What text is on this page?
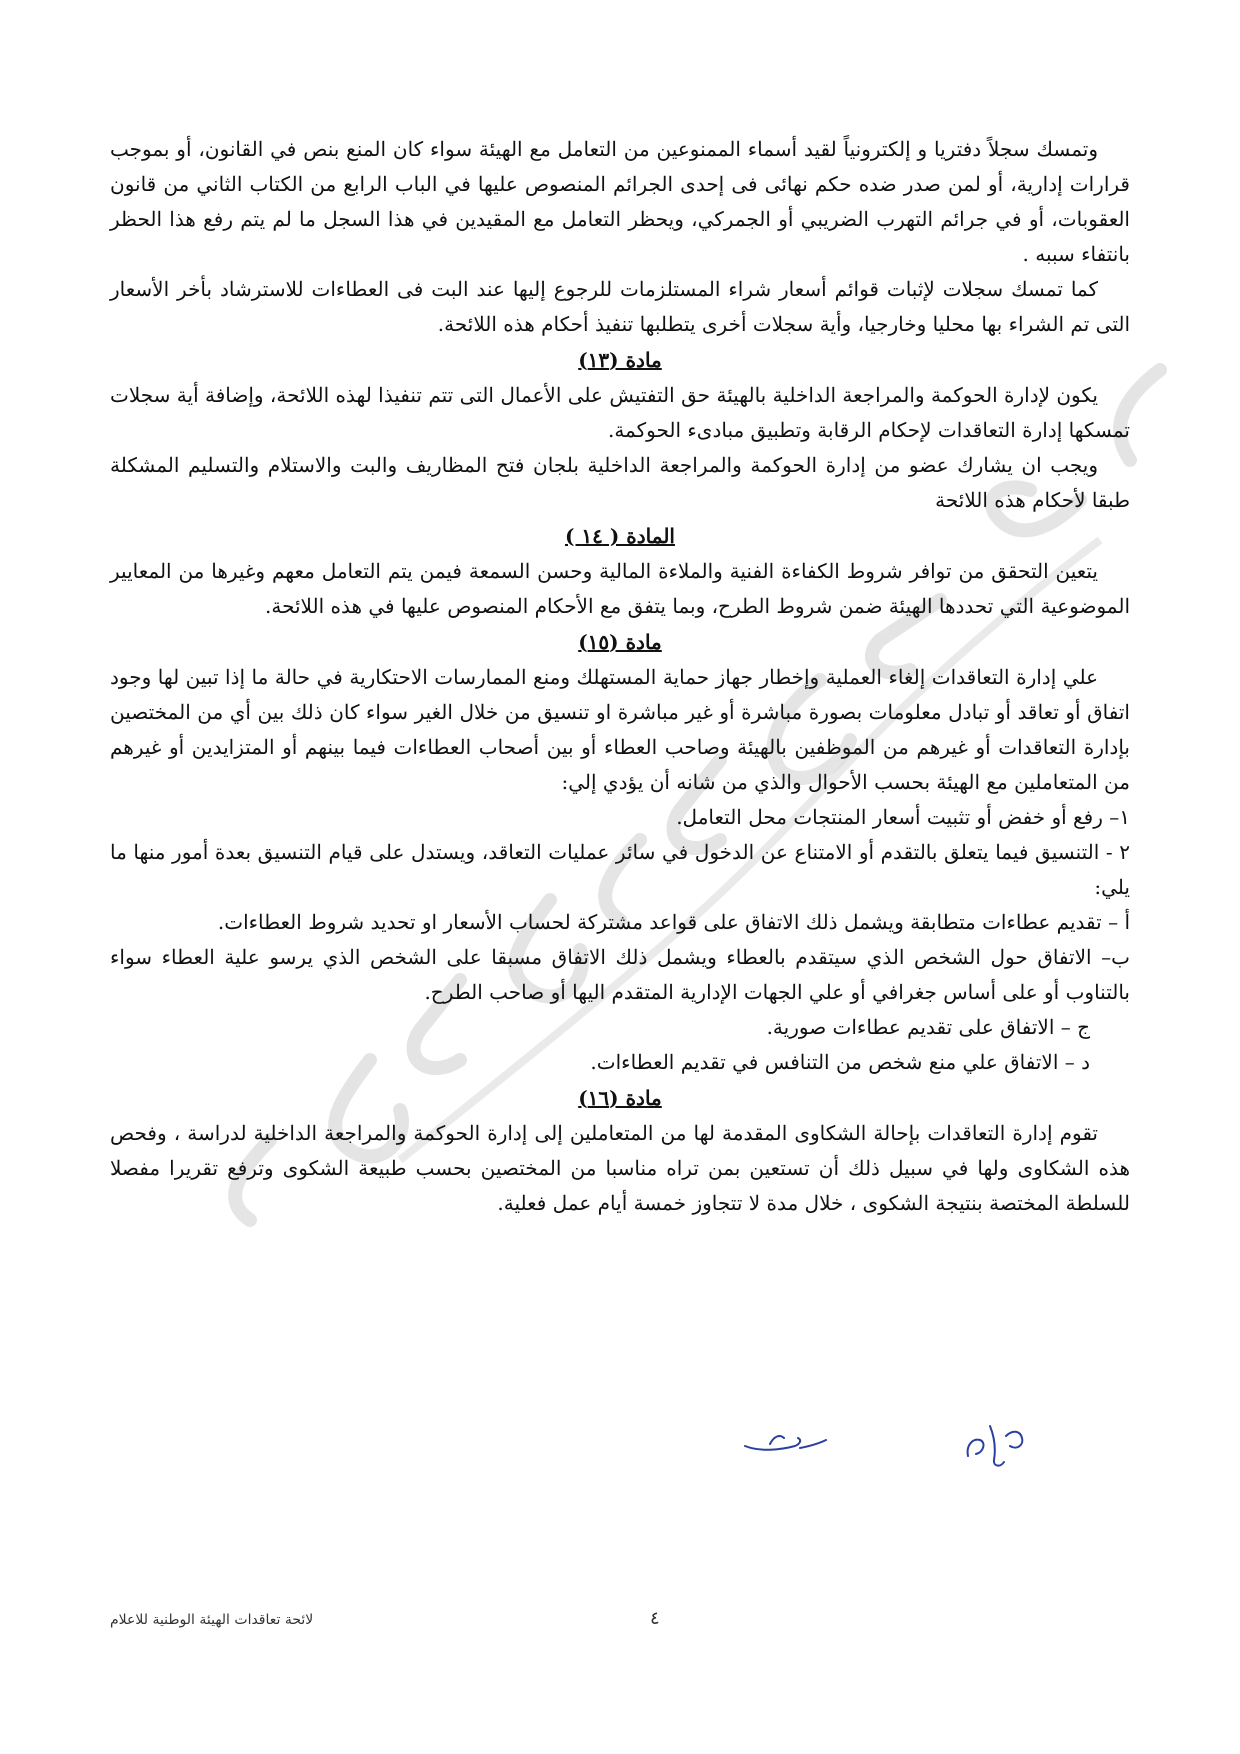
وتمسك سجلاً دفتريا و إلكترونياً لقيد أسماء الممنوعين من التعامل مع الهيئة سواء كان المنع بنص في القانون، أو بموجب قرارات إدارية، أو لمن صدر ضده حكم نهائى فى إحدى الجرائم المنصوص عليها في الباب الرابع من الكتاب الثاني من قانون العقوبات، أو في جرائم التهرب الضريبي أو الجمركي، ويحظر التعامل مع المقيدين في هذا السجل ما لم يتم رفع هذا الحظر بانتفاء سببه .

كما تمسك سجلات لإثبات قوائم أسعار شراء المستلزمات للرجوع إليها عند البت فى العطاءات للاسترشاد بأخر الأسعار التى تم الشراء بها محليا وخارجيا، وأية سجلات أخرى يتطلبها تنفيذ أحكام هذه اللائحة.

مادة (١٣)

يكون لإدارة الحوكمة والمراجعة الداخلية بالهيئة حق التفتيش على الأعمال التى تتم تنفيذا لهذه اللائحة، وإضافة أية سجلات تمسكها إدارة التعاقدات لإحكام الرقابة وتطبيق مبادىء الحوكمة.

ويجب ان يشارك عضو من إدارة الحوكمة والمراجعة الداخلية بلجان فتح المظاريف والبت والاستلام والتسليم المشكلة طبقا لأحكام هذه اللائحة

المادة ( ١٤ )

يتعين التحقق من توافر شروط الكفاءة الفنية والملاءة المالية وحسن السمعة فيمن يتم التعامل معهم وغيرها من المعايير الموضوعية التي تحددها الهيئة ضمن شروط الطرح، وبما يتفق مع الأحكام المنصوص عليها في هذه اللائحة.

مادة (١٥)

علي إدارة التعاقدات إلغاء العملية وإخطار جهاز حماية المستهلك ومنع الممارسات الاحتكارية في حالة ما إذا تبين لها وجود اتفاق أو تعاقد أو تبادل معلومات بصورة مباشرة أو غير مباشرة او تنسيق من خلال الغير سواء كان ذلك بين أي من المختصين بإدارة التعاقدات أو غيرهم من الموظفين بالهيئة وصاحب العطاء أو بين أصحاب العطاءات فيما بينهم أو المتزايدين أو غيرهم من المتعاملين مع الهيئة بحسب الأحوال والذي من شانه أن يؤدي إلي:

١– رفع أو خفض أو تثبيت أسعار المنتجات محل التعامل.

٢ - التنسيق فيما يتعلق بالتقدم أو الامتناع عن الدخول في سائر عمليات التعاقد، ويستدل على قيام التنسيق بعدة أمور منها ما يلي:

أ – تقديم عطاءات متطابقة ويشمل ذلك الاتفاق على قواعد مشتركة لحساب الأسعار او تحديد شروط العطاءات.

ب– الاتفاق حول الشخص الذي سيتقدم بالعطاء ويشمل ذلك الاتفاق مسبقا على الشخص الذي يرسو علية العطاء سواء بالتناوب أو على أساس جغرافي أو علي الجهات الإدارية المتقدم اليها أو صاحب الطرح.

ج – الاتفاق على تقديم عطاءات صورية.

د – الاتفاق علي منع شخص من التنافس في تقديم العطاءات.

مادة (١٦)

تقوم إدارة التعاقدات بإحالة الشكاوى المقدمة لها من المتعاملين إلى إدارة الحوكمة والمراجعة الداخلية لدراسة ، وفحص هذه الشكاوى ولها في سبيل ذلك أن تستعين بمن تراه مناسبا من المختصين بحسب طبيعة الشكوى وترفع تقريرا مفصلا للسلطة المختصة بنتيجة الشكوى ، خلال مدة لا تتجاوز خمسة أيام عمل فعلية.

٤
لائحة تعاقدات الهيئة الوطنية للاعلام
